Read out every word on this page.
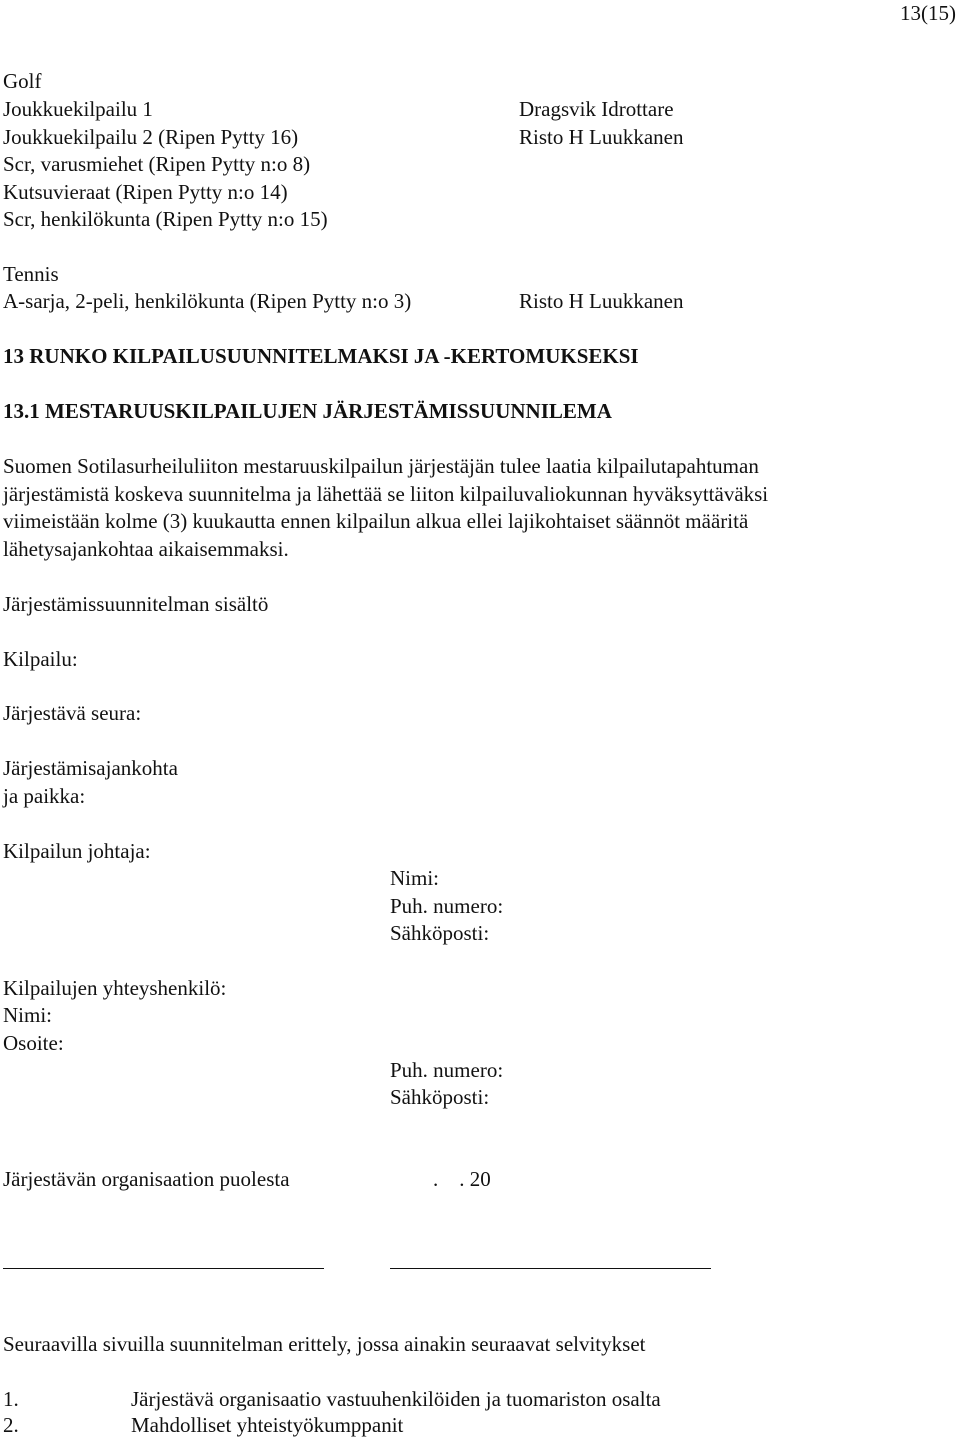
13(15)
Golf
Joukkuekilpailu 1	Dragsvik Idrottare
Joukkuekilpailu 2 (Ripen Pytty 16)	Risto H Luukkanen
Scr, varusmiehet (Ripen Pytty n:o 8)
Kutsuvieraat (Ripen Pytty n:o 14)
Scr, henkilökunta (Ripen Pytty n:o 15)
Tennis
A-sarja, 2-peli, henkilökunta (Ripen Pytty n:o 3)	Risto H Luukkanen
13 RUNKO KILPAILUSUUNNITELMAKSI JA -KERTOMUKSEKSI
13.1 MESTARUUSKILPAILUJEN JÄRJESTÄMISSUUNNILEMA
Suomen Sotilasurheiluliiton mestaruuskilpailun järjestäjän tulee laatia kilpailutapahtuman
järjestämistä koskeva suunnitelma ja lähettää se liiton kilpailuvaliokunnan hyväksyttäväksi
viimeistään kolme (3) kuukautta ennen kilpailun alkua ellei lajikohtaiset säännöt määritä
lähetysajankohtaa aikaisemmaksi.
Järjestämissuunnitelman sisältö
Kilpailu:
Järjestävä seura:
Järjestämisajankohta
ja paikka:
Kilpailun johtaja:
Nimi:
Puh. numero:
Sähköposti:
Kilpailujen yhteyshenkilö:
Nimi:
Osoite:
Puh. numero:
Sähköposti:
Järjestävän organisaation puolesta	.    . 20
Seuraavilla sivuilla suunnitelman erittely, jossa ainakin seuraavat selvitykset
1.	Järjestävä organisaatio vastuuhenkilöiden ja tuomariston osalta
2.	Mahdolliset yhteistyökumppanit
